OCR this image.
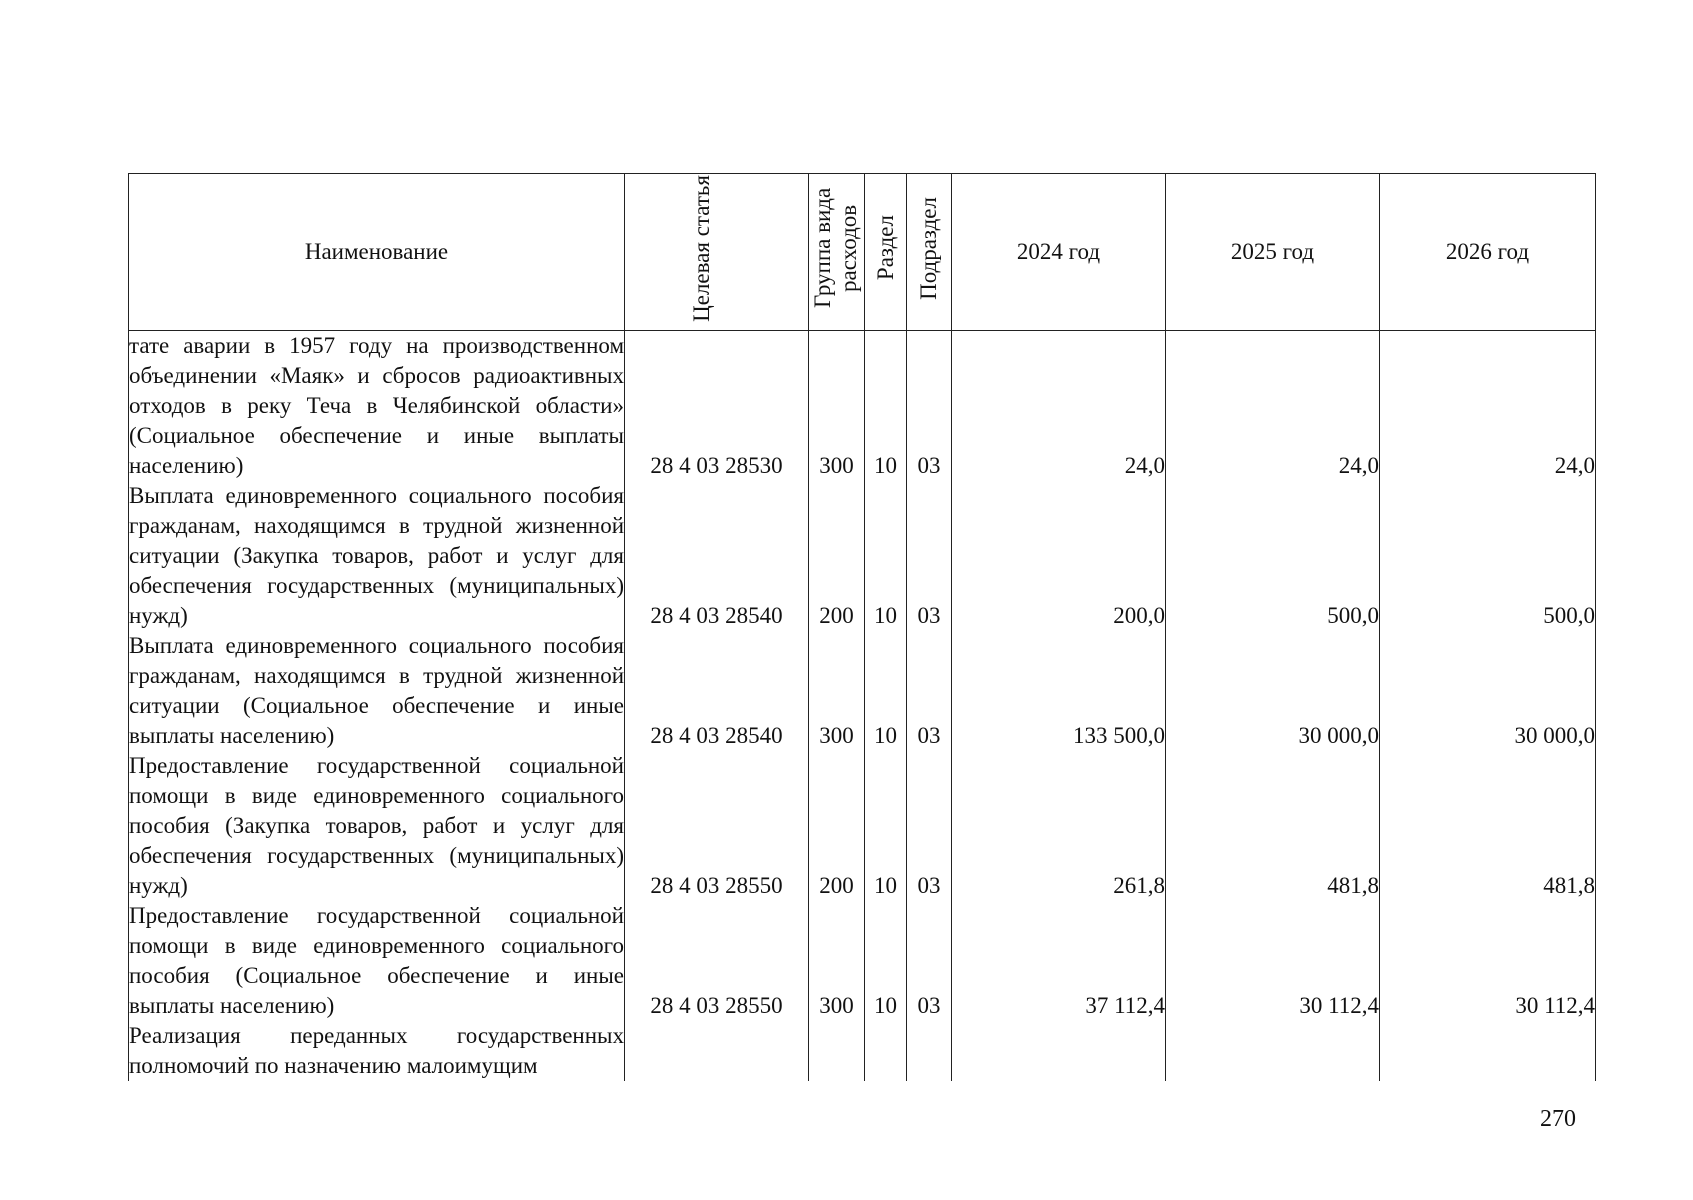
Наименование	Целевая статья	Группа вида расходов	Раздел	Подраздел	2024 год	2025 год	2026 год

тате аварии в 1957 году на производственном объединении «Маяк» и сбросов радиоактивных отходов в реку Теча в Челябинской области» (Социальное обеспечение и иные выплаты населению)	28 4 03 28530	300	10	03	24,0	24,0	24,0

Выплата единовременного социального пособия гражданам, находящимся в трудной жизненной ситуации (Закупка товаров, работ и услуг для обеспечения государственных (муниципальных) нужд)	28 4 03 28540	200	10	03	200,0	500,0	500,0

Выплата единовременного социального пособия гражданам, находящимся в трудной жизненной ситуации (Социальное обеспечение и иные выплаты населению)	28 4 03 28540	300	10	03	133 500,0	30 000,0	30 000,0

Предоставление государственной социальной помощи в виде единовременного социального пособия (Закупка товаров, работ и услуг для обеспечения государственных (муниципальных) нужд)	28 4 03 28550	200	10	03	261,8	481,8	481,8

Предоставление государственной социальной помощи в виде единовременного социального пособия (Социальное обеспечение и иные выплаты населению)	28 4 03 28550	300	10	03	37 112,4	30 112,4	30 112,4

Реализация переданных государственных полномочий по назначению малоимущим							

270
